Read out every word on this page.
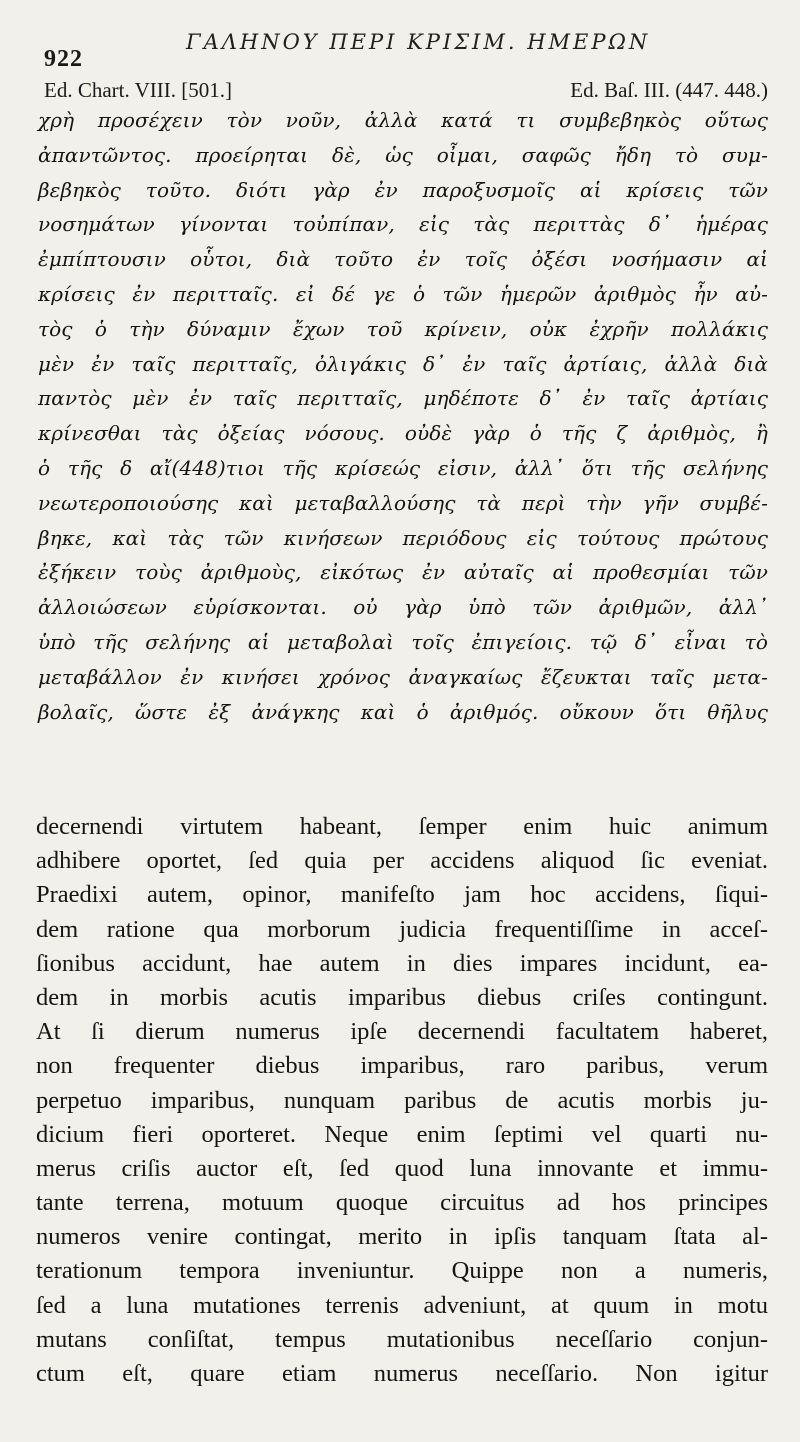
922
ΓΑΛΗΝΟΥ ΠΕΡΙ ΚΡΙΣΙΜ. ΗΜΕΡΩΝ
Ed. Chart. VIII. [501.]	Ed. Baſ. III. (447. 448.)
χρὴ προσέχειν τὸν νοῦν, ἀλλὰ κατά τι συμβεβηκὸς οὕτως
ἀπαντῶντος. προείρηται δὲ, ὡς οἶμαι, σαφῶς ἤδη τὸ συμ-
βεβηκὸς τοῦτο. διότι γὰρ ἐν παροξυσμοῖς αἱ κρίσεις τῶν
νοσημάτων γίνονται τοὐπίπαν, εἰς τὰς περιττὰς δ᾽ ἡμέρας
ἐμπίπτουσιν οὗτοι, διὰ τοῦτο ἐν τοῖς ὀξέσι νοσήμασιν αἱ
κρίσεις ἐν περιτταῖς. εἰ δέ γε ὁ τῶν ἡμερῶν ἀριθμὸς ἦν αὐ-
τὸς ὁ τὴν δύναμιν ἔχων τοῦ κρίνειν, οὐκ ἐχρῆν πολλάκις
μὲν ἐν ταῖς περιτταῖς, ὀλιγάκις δ᾽ ἐν ταῖς ἀρτίαις, ἀλλὰ διὰ
παντὸς μὲν ἐν ταῖς περιτταῖς, μηδέποτε δ᾽ ἐν ταῖς ἀρτίαις
κρίνεσθαι τὰς ὀξείας νόσους. οὐδὲ γὰρ ὁ τῆς ζ ἀριθμὸς, ἢ
ὁ τῆς δ αἴ(448)τιοι τῆς κρίσεώς εἰσιν, ἀλλ᾽ ὅτι τῆς σελήνης
νεωτεροποιούσης καὶ μεταβαλλούσης τὰ περὶ τὴν γῆν συμβέ-
βηκε, καὶ τὰς τῶν κινήσεων περιόδους εἰς τούτους πρώτους
ἐξήκειν τοὺς ἀριθμοὺς, εἰκότως ἐν αὐταῖς αἱ προθεσμίαι τῶν
ἀλλοιώσεων εὑρίσκονται. οὐ γὰρ ὑπὸ τῶν ἀριθμῶν, ἀλλ᾽
ὑπὸ τῆς σελήνης αἱ μεταβολαὶ τοῖς ἐπιγείοις. τῷ δ᾽ εἶναι τὸ
μεταβάλλον ἐν κινήσει χρόνος ἀναγκαίως ἔζευκται ταῖς μετα-
βολαῖς, ὥστε ἐξ ἀνάγκης καὶ ὁ ἀριθμός. οὔκουν ὅτι θῆλυς
decernendi virtutem habeant, ſemper enim huic animum
adhibere oportet, ſed quia per accidens aliquod ſic eveniat.
Praedixi autem, opinor, manifeſto jam hoc accidens, ſiqui-
dem ratione qua morborum judicia frequentiſſime in acceſ-
ſionibus accidunt, hae autem in dies impares incidunt, ea-
dem in morbis acutis imparibus diebus criſes contingunt.
At ſi dierum numerus ipſe decernendi facultatem haberet,
non frequenter diebus imparibus, raro paribus, verum
perpetuo imparibus, nunquam paribus de acutis morbis ju-
dicium fieri oporteret. Neque enim ſeptimi vel quarti nu-
merus criſis auctor eſt, ſed quod luna innovante et immu-
tante terrena, motuum quoque circuitus ad hos principes
numeros venire contingat, merito in ipſis tanquam ſtata al-
terationum tempora inveniuntur. Quippe non a numeris,
ſed a luna mutationes terrenis adveniunt, at quum in motu
mutans conſiſtat, tempus mutationibus neceſſario conjun-
ctum eſt, quare etiam numerus neceſſario. Non igitur
